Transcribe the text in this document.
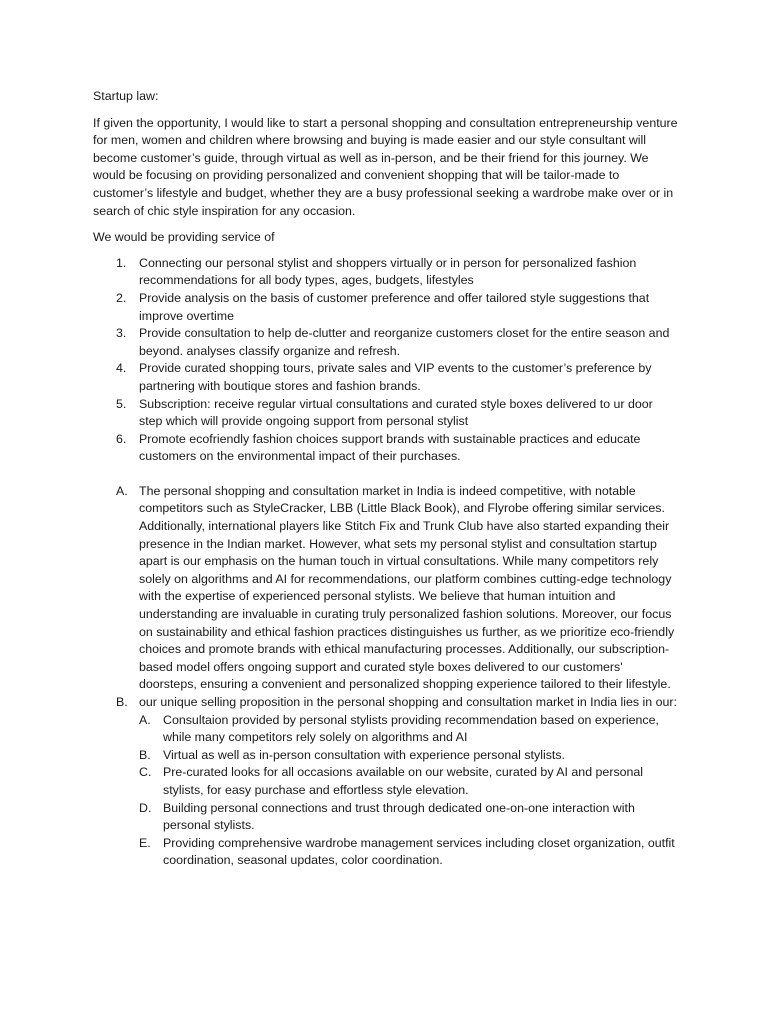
Startup law:

If given the opportunity, I would like to start a personal shopping and consultation entrepreneurship venture for men, women and children where browsing and buying is made easier and our style consultant will become customer’s guide, through virtual as well as in-person, and be their friend for this journey. We would be focusing on providing personalized and convenient shopping that will be tailor-made to customer’s lifestyle and budget, whether they are a busy professional seeking a wardrobe make over or in search of chic style inspiration for any occasion.

We would be providing service of

1. Connecting our personal stylist and shoppers virtually or in person for personalized fashion recommendations for all body types, ages, budgets, lifestyles
2. Provide analysis on the basis of customer preference and offer tailored style suggestions that improve overtime
3. Provide consultation to help de-clutter and reorganize customers closet for the entire season and beyond. analyses classify organize and refresh.
4. Provide curated shopping tours, private sales and VIP events to the customer’s preference by partnering with boutique stores and fashion brands.
5. Subscription: receive regular virtual consultations and curated style boxes delivered to ur door step which will provide ongoing support from personal stylist
6. Promote ecofriendly fashion choices support brands with sustainable practices and educate customers on the environmental impact of their purchases.
A. The personal shopping and consultation market in India is indeed competitive, with notable competitors such as StyleCracker, LBB (Little Black Book), and Flyrobe offering similar services. Additionally, international players like Stitch Fix and Trunk Club have also started expanding their presence in the Indian market. However, what sets my personal stylist and consultation startup apart is our emphasis on the human touch in virtual consultations. While many competitors rely solely on algorithms and AI for recommendations, our platform combines cutting-edge technology with the expertise of experienced personal stylists. We believe that human intuition and understanding are invaluable in curating truly personalized fashion solutions. Moreover, our focus on sustainability and ethical fashion practices distinguishes us further, as we prioritize eco-friendly choices and promote brands with ethical manufacturing processes. Additionally, our subscription-based model offers ongoing support and curated style boxes delivered to our customers' doorsteps, ensuring a convenient and personalized shopping experience tailored to their lifestyle.
B. our unique selling proposition in the personal shopping and consultation market in India lies in our:
A. Consultaion provided by personal stylists providing recommendation based on experience, while many competitors rely solely on algorithms and AI
B. Virtual as well as in-person consultation with experience personal stylists.
C. Pre-curated looks for all occasions available on our website, curated by AI and personal stylists, for easy purchase and effortless style elevation.
D. Building personal connections and trust through dedicated one-on-one interaction with personal stylists.
E. Providing comprehensive wardrobe management services including closet organization, outfit coordination, seasonal updates, color coordination.
